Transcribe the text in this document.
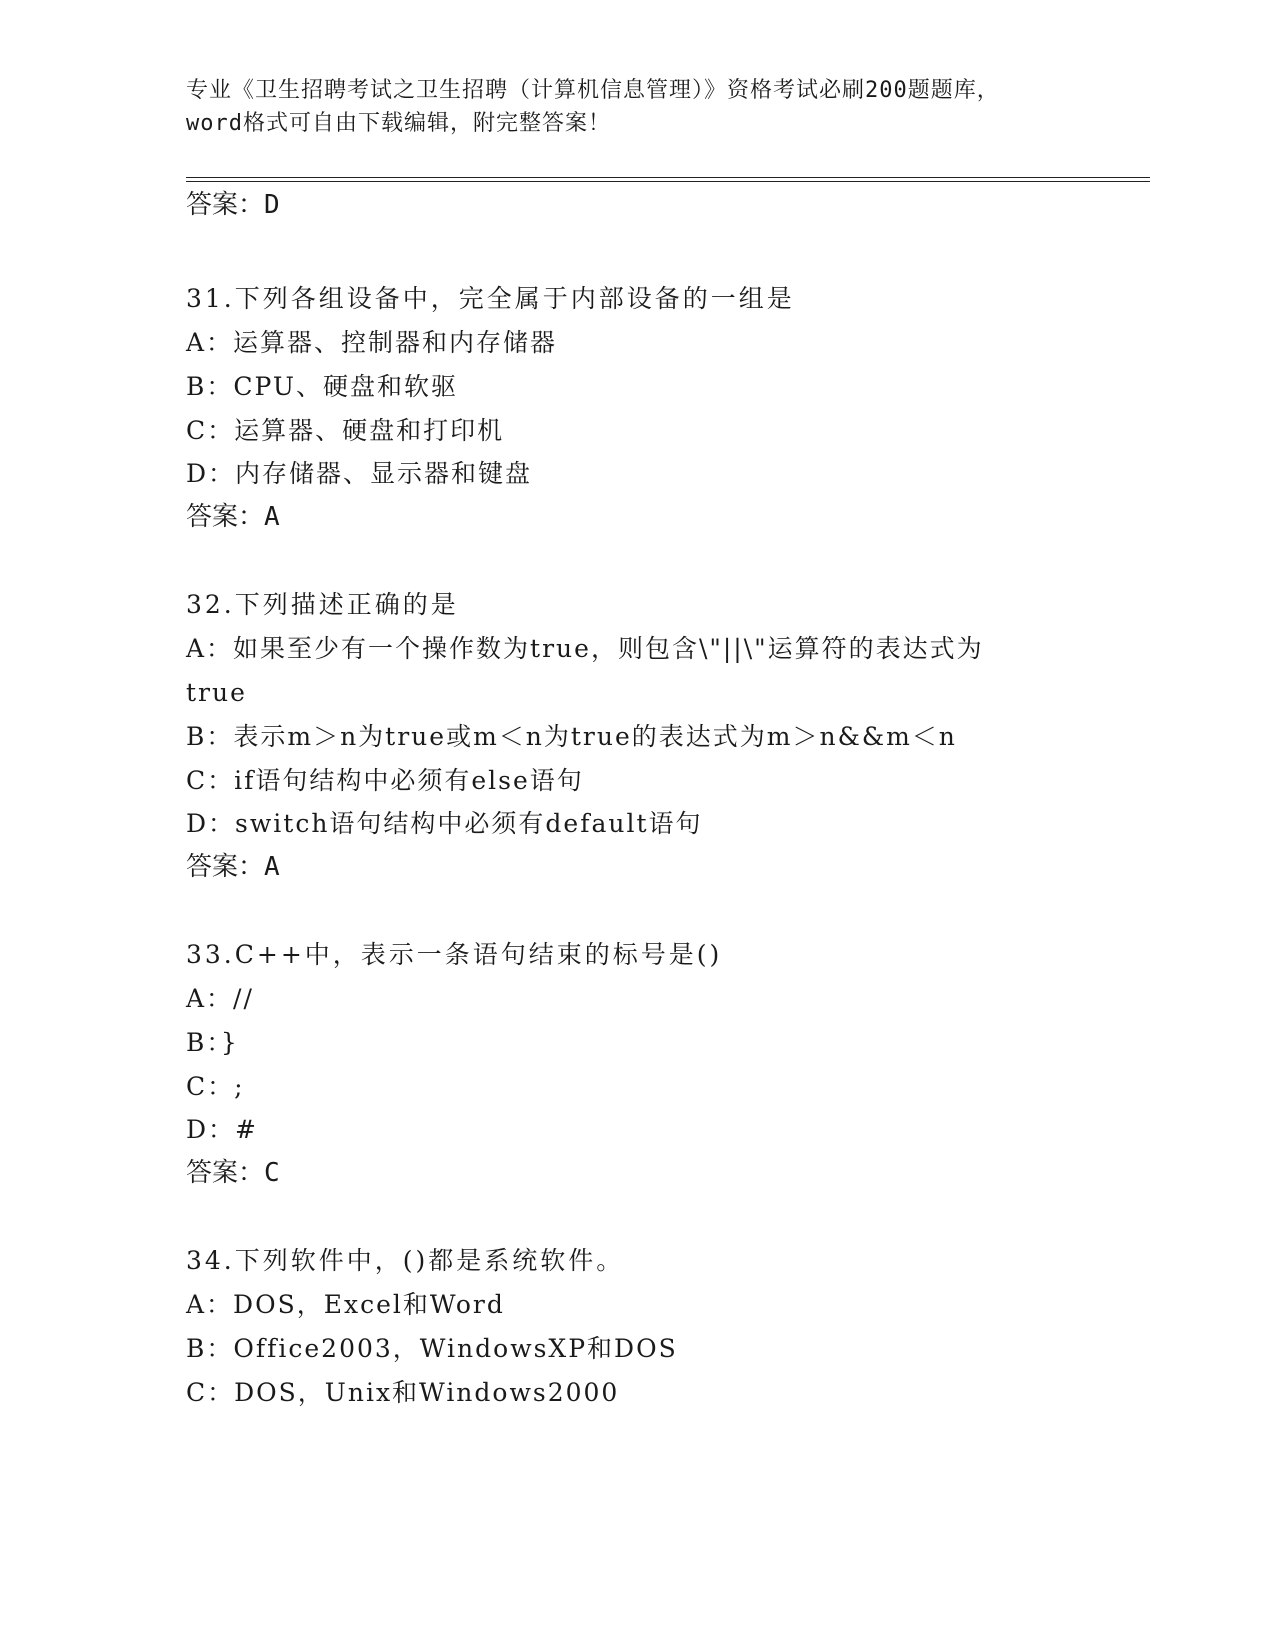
专业《卫生招聘考试之卫生招聘（计算机信息管理）》资格考试必刷200题题库，
word格式可自由下载编辑，附完整答案！

答案：D

31.下列各组设备中，完全属于内部设备的一组是

A：运算器、控制器和内存储器

B：CPU、硬盘和软驱

C：运算器、硬盘和打印机

D：内存储器、显示器和键盘

答案：A

32.下列描述正确的是

A：如果至少有一个操作数为true，则包含\"||\"运算符的表达式为

true

B：表示m＞n为true或m＜n为true的表达式为m＞n&&m＜n

C：if语句结构中必须有else语句

D：switch语句结构中必须有default语句

答案：A

33.C++中，表示一条语句结束的标号是()

A：//

B：}

C：;

D：#

答案：C

34.下列软件中，()都是系统软件。

A：DOS，Excel和Word

B：Office2003，WindowsXP和DOS

C：DOS，Unix和Windows2000
